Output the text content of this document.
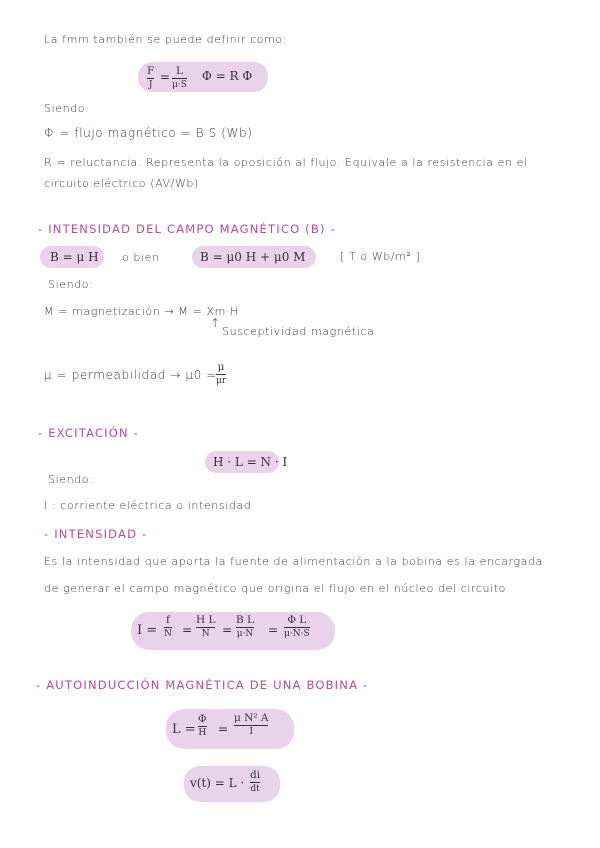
La fmm también se puede definir como:
F
J
= L
μ·S
Φ = R Φ
Siendo:
Φ = flujo magnético = B S (Wb)
R = reluctancia. Representa la oposición al flujo. Equivale a la resistencia en el
circuito eléctrico (AV/Wb)
- INTENSIDAD DEL CAMPO MAGNÉTICO (B) -
B = μ H o bien	B = μ0 H + μ0 M	[ T o Wb/m² ]
Siendo:
M = magnetización → M = Xm·H
↑
Susceptividad magnética
μ = permeabilidad → μ0 =
μ
μr
- EXCITACIÓN -
H · L = N · I
Siendo:
I : corriente eléctrica o intensidad
- INTENSIDAD -
Es la intensidad que aporta la fuente de alimentación a la bobina es la encargada
de generar el campo magnético que origina el flujo en el núcleo del circuito
I =
f
N =
H L
N =
B L
μ·N =
Φ L
μ·N·S
- AUTOINDUCCIÓN MAGNÉTICA DE UNA BOBINA -
L =
Φ
H =
μ N² A
I
v(t) = L ·
di
dt
